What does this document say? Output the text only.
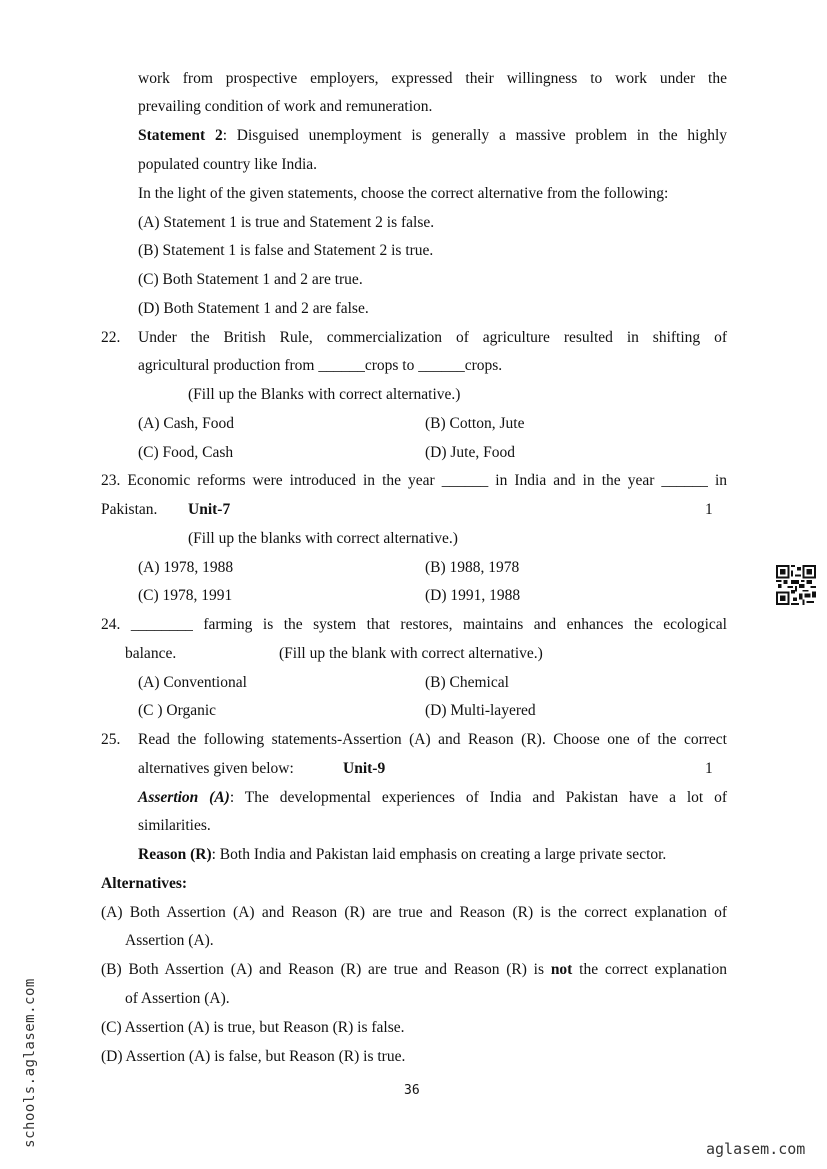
work from prospective employers, expressed their willingness to work under the
prevailing condition of work and remuneration.
Statement 2: Disguised unemployment is generally a massive problem in the highly
populated country like India.
In the light of the given statements, choose the correct alternative from the following:
(A) Statement 1 is true and Statement 2 is false.
(B) Statement 1 is false and Statement 2 is true.
(C) Both Statement 1 and 2 are true.
(D) Both Statement 1 and 2 are false.
22. Under the British Rule, commercialization of agriculture resulted in shifting of
agricultural production from ______crops to ______crops.
(Fill up the Blanks with correct alternative.)
(A) Cash, Food	(B) Cotton, Jute
(C) Food, Cash	(D) Jute, Food
23. Economic reforms were introduced in the year ______ in India and in the year ______ in
Pakistan. Unit-7	1
(Fill up the blanks with correct alternative.)
(A) 1978, 1988	(B) 1988, 1978
(C) 1978, 1991	(D) 1991, 1988
24. ________ farming is the system that restores, maintains and enhances the ecological
balance.	(Fill up the blank with correct alternative.)
(A) Conventional	(B) Chemical
(C ) Organic	(D) Multi-layered
25. Read the following statements-Assertion (A) and Reason (R). Choose one of the correct
alternatives given below:	Unit-9	1
Assertion (A): The developmental experiences of India and Pakistan have a lot of
similarities.
Reason (R): Both India and Pakistan laid emphasis on creating a large private sector.
Alternatives:
(A) Both Assertion (A) and Reason (R) are true and Reason (R) is the correct explanation of
Assertion (A).
(B) Both Assertion (A) and Reason (R) are true and Reason (R) is not the correct explanation
of Assertion (A).
(C) Assertion (A) is true, but Reason (R) is false.
(D) Assertion (A) is false, but Reason (R) is true.
36
schools.aglasem.com
aglasem.com
